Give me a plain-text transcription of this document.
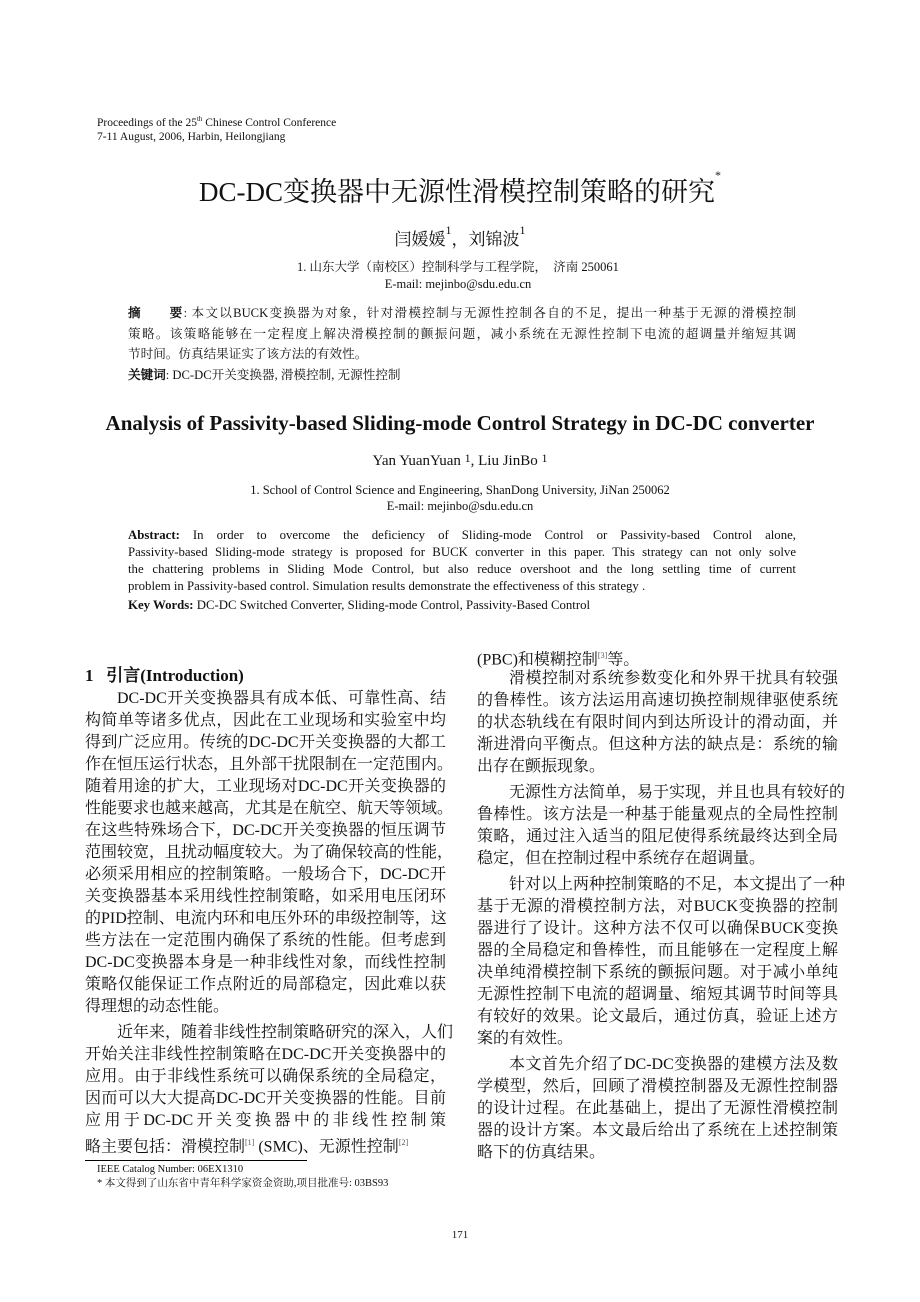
Proceedings of the 25th Chinese Control Conference
7-11 August, 2006, Harbin, Heilongjiang
DC-DC变换器中无源性滑模控制策略的研究*
闫媛媛$^1$，刘锦波$^1$
1. 山东大学（南校区）控制科学与工程学院，　济南 250061
E-mail: mejinbo@sdu.edu.cn
摘　　要: 本文以BUCK变换器为对象，针对滑模控制与无源性控制各自的不足，提出一种基于无源的滑模控制
策略。该策略能够在一定程度上解决滑模控制的颤振问题，减小系统在无源性控制下电流的超调量并缩短其调
节时间。仿真结果证实了该方法的有效性。
关键词: DC-DC开关变换器, 滑模控制, 无源性控制
Analysis of Passivity-based Sliding-mode Control Strategy in DC-DC converter
Yan YuanYuan $^1$, Liu JinBo $^1$
1. School of Control Science and Engineering, ShanDong University, JiNan 250062
E-mail: mejinbo@sdu.edu.cn
Abstract: In order to overcome the deficiency of Sliding-mode Control or Passivity-based Control alone,
Passivity-based Sliding-mode strategy is proposed for BUCK converter in this paper. This strategy can not only solve
the chattering problems in Sliding Mode Control, but also reduce overshoot and the long settling time of current
problem in Passivity-based control. Simulation results demonstrate the effectiveness of this strategy .
Key Words: DC-DC Switched Converter, Sliding-mode Control, Passivity-Based Control
1 引言(Introduction)
DC-DC开关变换器具有成本低、可靠性高、结
构简单等诸多优点，因此在工业现场和实验室中均
得到广泛应用。传统的DC-DC开关变换器的大都工
作在恒压运行状态，且外部干扰限制在一定范围内。
随着用途的扩大，工业现场对DC-DC开关变换器的
性能要求也越来越高，尤其是在航空、航天等领域。
在这些特殊场合下，DC-DC开关变换器的恒压调节
范围较宽，且扰动幅度较大。为了确保较高的性能，
必须采用相应的控制策略。一般场合下，DC-DC开
关变换器基本采用线性控制策略，如采用电压闭环
的PID控制、电流内环和电压外环的串级控制等，这
些方法在一定范围内确保了系统的性能。但考虑到
DC-DC变换器本身是一种非线性对象，而线性控制
策略仅能保证工作点附近的局部稳定，因此难以获
得理想的动态性能。
近年来，随着非线性控制策略研究的深入，人们
开始关注非线性控制策略在DC-DC开关变换器中的
应用。由于非线性系统可以确保系统的全局稳定，
因而可以大大提高DC-DC开关变换器的性能。目前
应用于DC-DC开关变换器中的非线性控制策
略主要包括：滑模控制[1] (SMC)、无源性控制[2]
(PBC)和模糊控制[3]等。
滑模控制对系统参数变化和外界干扰具有较强
的鲁棒性。该方法运用高速切换控制规律驱使系统
的状态轨线在有限时间内到达所设计的滑动面，并
渐进滑向平衡点。但这种方法的缺点是：系统的输
出存在颤振现象。
无源性方法简单，易于实现，并且也具有较好的
鲁棒性。该方法是一种基于能量观点的全局性控制
策略，通过注入适当的阻尼使得系统最终达到全局
稳定，但在控制过程中系统存在超调量。
针对以上两种控制策略的不足，本文提出了一种
基于无源的滑模控制方法，对BUCK变换器的控制
器进行了设计。这种方法不仅可以确保BUCK变换
器的全局稳定和鲁棒性，而且能够在一定程度上解
决单纯滑模控制下系统的颤振问题。对于减小单纯
无源性控制下电流的超调量、缩短其调节时间等具
有较好的效果。论文最后，通过仿真，验证上述方
案的有效性。
本文首先介绍了DC-DC变换器的建模方法及数
学模型，然后，回顾了滑模控制器及无源性控制器
的设计过程。在此基础上，提出了无源性滑模控制
器的设计方案。本文最后给出了系统在上述控制策
略下的仿真结果。
IEEE Catalog Number: 06EX1310
* 本文得到了山东省中青年科学家资金资助,项目批准号: 03BS93
171
